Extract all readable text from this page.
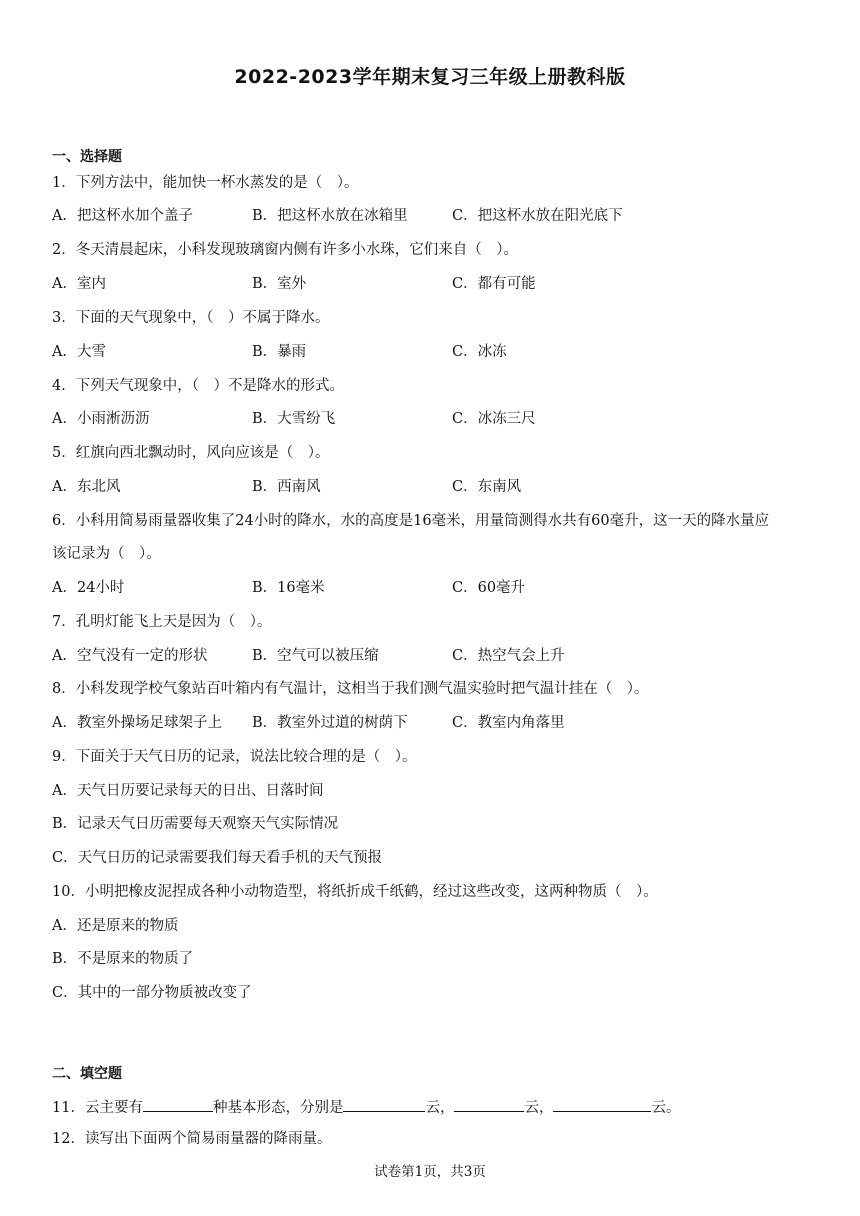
2022-2023学年期末复习三年级上册教科版
一、选择题
1．下列方法中，能加快一杯水蒸发的是（　）。
A．把这杯水加个盖子	B．把这杯水放在冰箱里	C．把这杯水放在阳光底下
2．冬天清晨起床，小科发现玻璃窗内侧有许多小水珠，它们来自（　）。
A．室内	B．室外	C．都有可能
3．下面的天气现象中，（　）不属于降水。
A．大雪	B．暴雨	C．冰冻
4．下列天气现象中，（　）不是降水的形式。
A．小雨淅沥沥	B．大雪纷飞	C．冰冻三尺
5．红旗向西北飘动时，风向应该是（　）。
A．东北风	B．西南风	C．东南风
6．小科用简易雨量器收集了24小时的降水，水的高度是16毫米，用量筒测得水共有60毫升，这一天的降水量应
该记录为（　）。
A．24小时	B．16毫米	C．60毫升
7．孔明灯能飞上天是因为（　）。
A．空气没有一定的形状	B．空气可以被压缩	C．热空气会上升
8．小科发现学校气象站百叶箱内有气温计，这相当于我们测气温实验时把气温计挂在（　）。
A．教室外操场足球架子上 B．教室外过道的树荫下	C．教室内角落里
9．下面关于天气日历的记录，说法比较合理的是（　）。
A．天气日历要记录每天的日出、日落时间
B．记录天气日历需要每天观察天气实际情况
C．天气日历的记录需要我们每天看手机的天气预报
10．小明把橡皮泥捏成各种小动物造型，将纸折成千纸鹤，经过这些改变，这两种物质（　）。
A．还是原来的物质
B．不是原来的物质了
C．其中的一部分物质被改变了
二、填空题
11．云主要有	种基本形态，分别是	云，	云，	云。
12．读写出下面两个简易雨量器的降雨量。
试卷第1页，共3页
